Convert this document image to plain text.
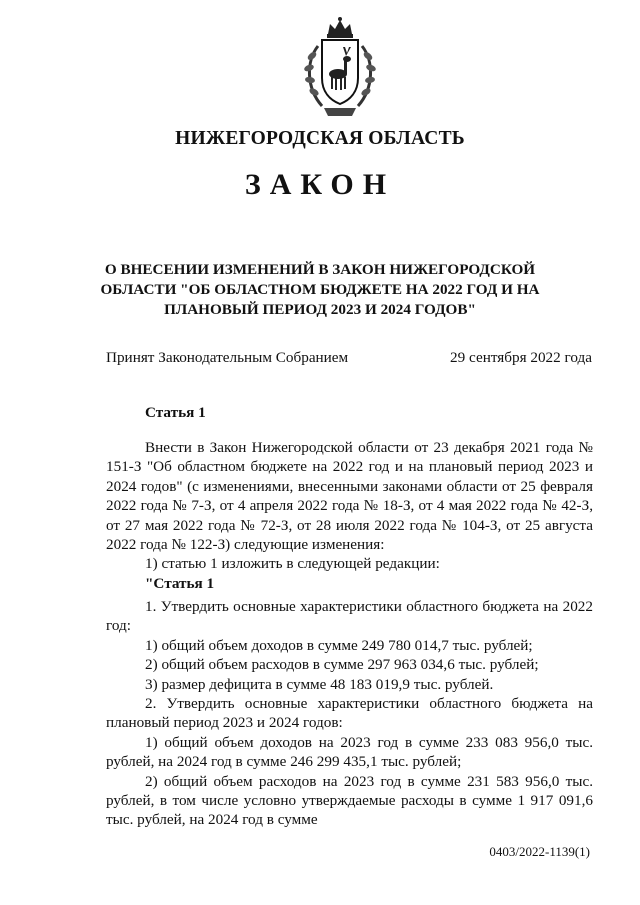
НИЖЕГОРОДСКАЯ ОБЛАСТЬ
ЗАКОН
О ВНЕСЕНИИ ИЗМЕНЕНИЙ В ЗАКОН НИЖЕГОРОДСКОЙ ОБЛАСТИ "ОБ ОБЛАСТНОМ БЮДЖЕТЕ НА 2022 ГОД И НА ПЛАНОВЫЙ ПЕРИОД 2023 И 2024 ГОДОВ"
Принят Законодательным Собранием	29 сентября 2022 года
Статья 1

Внести в Закон Нижегородской области от 23 декабря 2021 года № 151-З "Об областном бюджете на 2022 год и на плановый период 2023 и 2024 годов" (с изменениями, внесенными законами области от 25 февраля 2022 года № 7-З, от 4 апреля 2022 года № 18-З, от 4 мая 2022 года № 42-З, от 27 мая 2022 года № 72-З, от 28 июля 2022 года № 104-З, от 25 августа 2022 года № 122-З) следующие изменения:

1) статью 1 изложить в следующей редакции:

"Статья 1

1. Утвердить основные характеристики областного бюджета на 2022 год:

1) общий объем доходов в сумме 249 780 014,7 тыс. рублей;

2) общий объем расходов в сумме 297 963 034,6 тыс. рублей;

3) размер дефицита в сумме 48 183 019,9 тыс. рублей.

2. Утвердить основные характеристики областного бюджета на плановый период 2023 и 2024 годов:

1) общий объем доходов на 2023 год в сумме 233 083 956,0 тыс. рублей, на 2024 год в сумме 246 299 435,1 тыс. рублей;

2) общий объем расходов на 2023 год в сумме 231 583 956,0 тыс. рублей, в том числе условно утверждаемые расходы в сумме 1 917 091,6 тыс. рублей, на 2024 год в сумме

0403/2022-1139(1)
